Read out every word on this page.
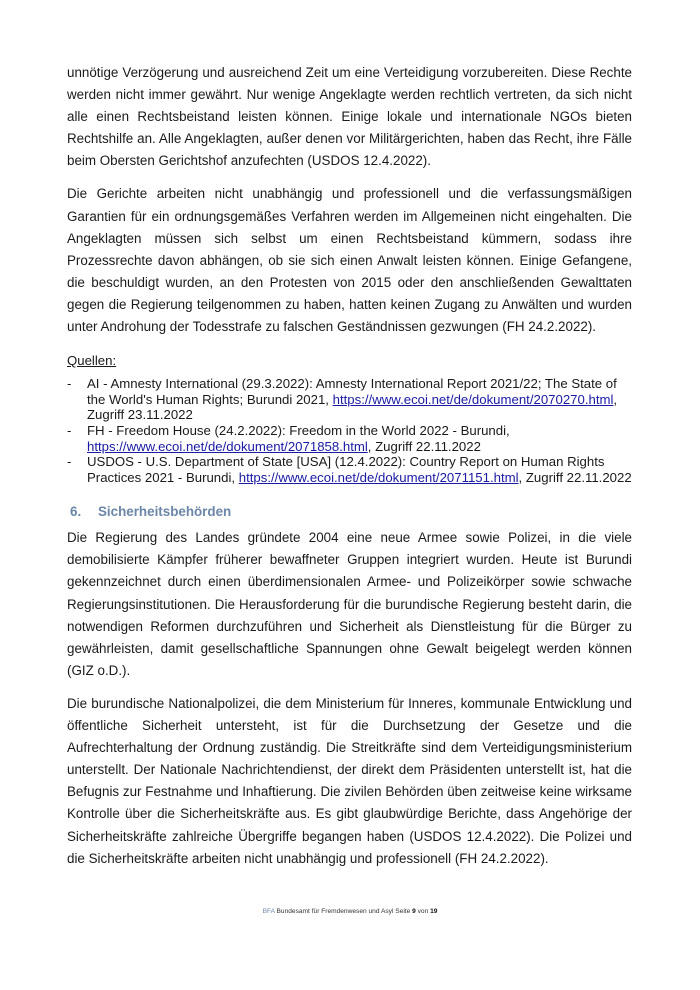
unnötige Verzögerung und ausreichend Zeit um eine Verteidigung vorzubereiten. Diese Rechte werden nicht immer gewährt. Nur wenige Angeklagte werden rechtlich vertreten, da sich nicht alle einen Rechtsbeistand leisten können. Einige lokale und internationale NGOs bieten Rechtshilfe an. Alle Angeklagten, außer denen vor Militärgerichten, haben das Recht, ihre Fälle beim Obersten Gerichtshof anzufechten (USDOS 12.4.2022).

Die Gerichte arbeiten nicht unabhängig und professionell und die verfassungsmäßigen Garantien für ein ordnungsgemäßes Verfahren werden im Allgemeinen nicht eingehalten. Die Angeklagten müssen sich selbst um einen Rechtsbeistand kümmern, sodass ihre Prozessrechte davon abhängen, ob sie sich einen Anwalt leisten können. Einige Gefangene, die beschuldigt wurden, an den Protesten von 2015 oder den anschließenden Gewalttaten gegen die Regierung teilgenommen zu haben, hatten keinen Zugang zu Anwälten und wurden unter Androhung der Todesstrafe zu falschen Geständnissen gezwungen (FH 24.2.2022).

Quellen:
- AI - Amnesty International (29.3.2022): Amnesty International Report 2021/22; The State of the World's Human Rights; Burundi 2021, https://www.ecoi.net/de/dokument/2070270.html, Zugriff 23.11.2022
- FH - Freedom House (24.2.2022): Freedom in the World 2022 - Burundi, https://www.ecoi.net/de/dokument/2071858.html, Zugriff 22.11.2022
- USDOS - U.S. Department of State [USA] (12.4.2022): Country Report on Human Rights Practices 2021 - Burundi, https://www.ecoi.net/de/dokument/2071151.html, Zugriff 22.11.2022
6. Sicherheitsbehörden

Die Regierung des Landes gründete 2004 eine neue Armee sowie Polizei, in die viele demobilisierte Kämpfer früherer bewaffneter Gruppen integriert wurden. Heute ist Burundi gekennzeichnet durch einen überdimensionalen Armee- und Polizeikörper sowie schwache Regierungsinstitutionen. Die Herausforderung für die burundische Regierung besteht darin, die notwendigen Reformen durchzuführen und Sicherheit als Dienstleistung für die Bürger zu gewährleisten, damit gesellschaftliche Spannungen ohne Gewalt beigelegt werden können (GIZ o.D.).

Die burundische Nationalpolizei, die dem Ministerium für Inneres, kommunale Entwicklung und öffentliche Sicherheit untersteht, ist für die Durchsetzung der Gesetze und die Aufrechterhaltung der Ordnung zuständig. Die Streitkräfte sind dem Verteidigungsministerium unterstellt. Der Nationale Nachrichtendienst, der direkt dem Präsidenten unterstellt ist, hat die Befugnis zur Festnahme und Inhaftierung. Die zivilen Behörden üben zeitweise keine wirksame Kontrolle über die Sicherheitskräfte aus. Es gibt glaubwürdige Berichte, dass Angehörige der Sicherheitskräfte zahlreiche Übergriffe begangen haben (USDOS 12.4.2022). Die Polizei und die Sicherheitskräfte arbeiten nicht unabhängig und professionell (FH 24.2.2022).

BFA Bundesamt für Fremdenwesen und Asyl Seite 9 von 19
